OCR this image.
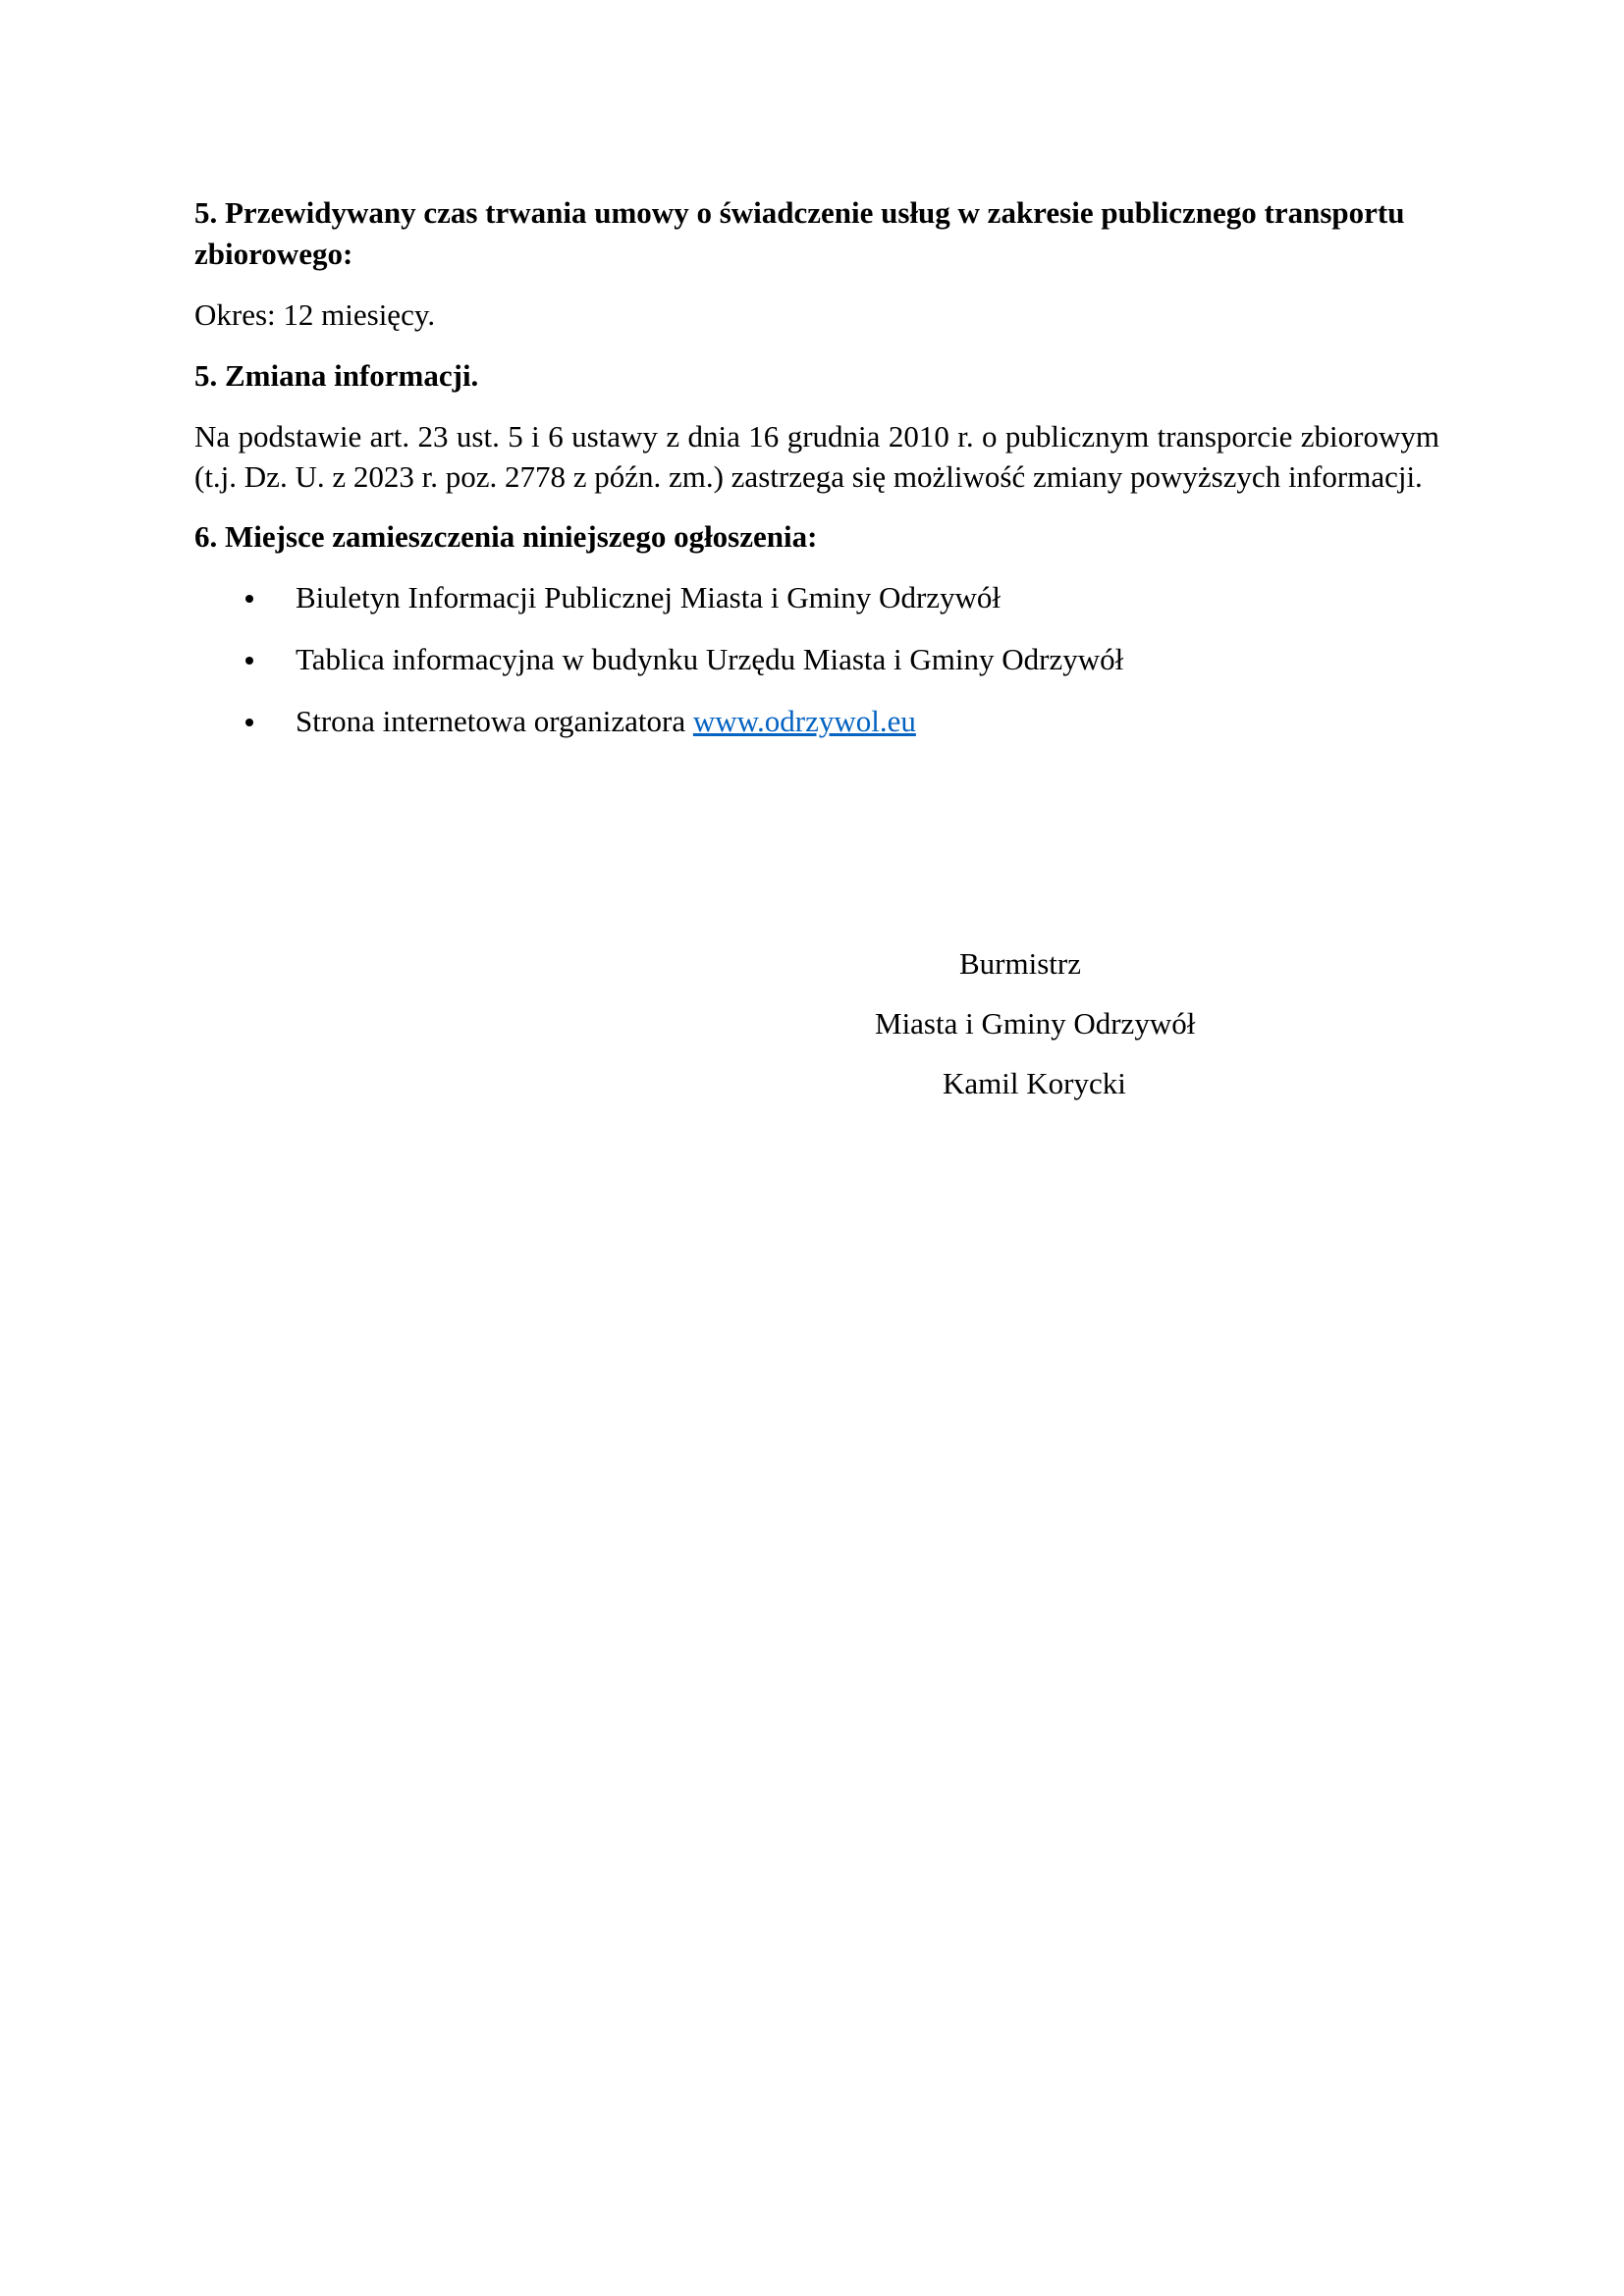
5. Przewidywany czas trwania umowy o świadczenie usług w zakresie publicznego transportu zbiorowego:

Okres: 12 miesięcy.

5. Zmiana informacji.

Na podstawie art. 23 ust. 5 i 6 ustawy z dnia 16 grudnia 2010 r. o publicznym transporcie zbiorowym (t.j. Dz. U. z 2023 r. poz. 2778 z późn. zm.) zastrzega się możliwość zmiany powyższych informacji.

6. Miejsce zamieszczenia niniejszego ogłoszenia:

Biuletyn Informacji Publicznej Miasta i Gminy Odrzywół
Tablica informacyjna w budynku Urzędu Miasta i Gminy Odrzywół
Strona internetowa organizatora www.odrzywol.eu
Burmistrz
Miasta i Gminy Odrzywół
Kamil Korycki
